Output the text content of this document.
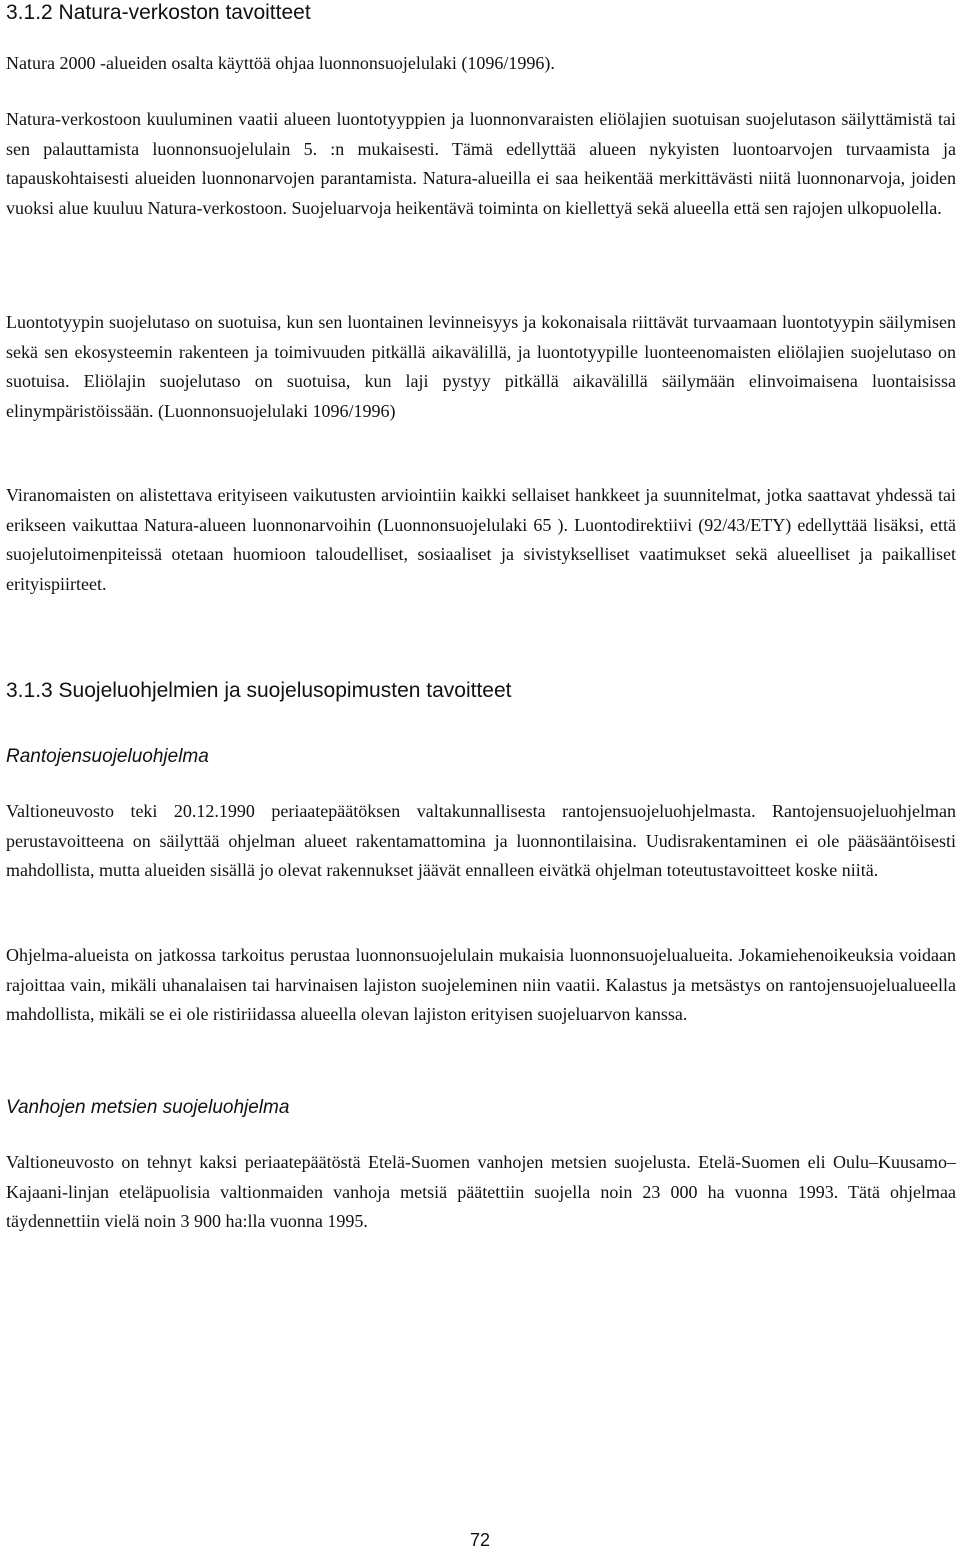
3.1.2 Natura-verkoston tavoitteet

Natura 2000 -alueiden osalta käyttöä ohjaa luonnonsuojelulaki (1096/1996).

Natura-verkostoon kuuluminen vaatii alueen luontotyyppien ja luonnonvaraisten eliölajien suotuisan suojelutason säilyttämistä tai sen palauttamista luonnonsuojelulain 5. :n mukaisesti. Tämä edellyttää alueen nykyisten luontoarvojen turvaamista ja tapauskohtaisesti alueiden luonnonarvojen parantamista. Natura-alueilla ei saa heikentää merkittävästi niitä luonnonarvoja, joiden vuoksi alue kuuluu Natura-verkostoon. Suojeluarvoja heikentävä toiminta on kiellettyä sekä alueella että sen rajojen ulkopuolella.

Luontotyypin suojelutaso on suotuisa, kun sen luontainen levinneisyys ja kokonaisala riittävät turvaamaan luontotyypin säilymisen sekä sen ekosysteemin rakenteen ja toimivuuden pitkällä aikavälillä, ja luontotyypille luonteenomaisten eliölajien suojelutaso on suotuisa. Eliölajin suojelutaso on suotuisa, kun laji pystyy pitkällä aikavälillä säilymään elinvoimaisena luontaisissa elinympäristöissään. (Luonnonsuojelulaki 1096/1996)

Viranomaisten on alistettava erityiseen vaikutusten arviointiin kaikki sellaiset hankkeet ja suunnitelmat, jotka saattavat yhdessä tai erikseen vaikuttaa Natura-alueen luonnonarvoihin (Luonnonsuojelulaki 65 ). Luontodirektiivi (92/43/ETY) edellyttää lisäksi, että suojelutoimenpiteissä otetaan huomioon taloudelliset, sosiaaliset ja sivistykselliset vaatimukset sekä alueelliset ja paikalliset erityispiirteet.

3.1.3 Suojeluohjelmien ja suojelusopimusten tavoitteet
Rantojensuojeluohjelma

Valtioneuvosto teki 20.12.1990 periaatepäätöksen valtakunnallisesta rantojensuojeluohjelmasta. Rantojensuojeluohjelman perustavoitteena on säilyttää ohjelman alueet rakentamattomina ja luonnontilaisina. Uudisrakentaminen ei ole pääsääntöisesti mahdollista, mutta alueiden sisällä jo olevat rakennukset jäävät ennalleen eivätkä ohjelman toteutustavoitteet koske niitä.

Ohjelma-alueista on jatkossa tarkoitus perustaa luonnonsuojelulain mukaisia luonnonsuojelualueita. Jokamiehenoikeuksia voidaan rajoittaa vain, mikäli uhanalaisen tai harvinaisen lajiston suojeleminen niin vaatii. Kalastus ja metsästys on rantojensuojelualueella mahdollista, mikäli se ei ole ristiriidassa alueella olevan lajiston erityisen suojeluarvon kanssa.

Vanhojen metsien suojeluohjelma

Valtioneuvosto on tehnyt kaksi periaatepäätöstä Etelä-Suomen vanhojen metsien suojelusta. Etelä-Suomen eli Oulu–Kuusamo–Kajaani-linjan eteläpuolisia valtionmaiden vanhoja metsiä päätettiin suojella noin 23 000 ha vuonna 1993. Tätä ohjelmaa täydennettiin vielä noin 3 900 ha:lla vuonna 1995.

72
